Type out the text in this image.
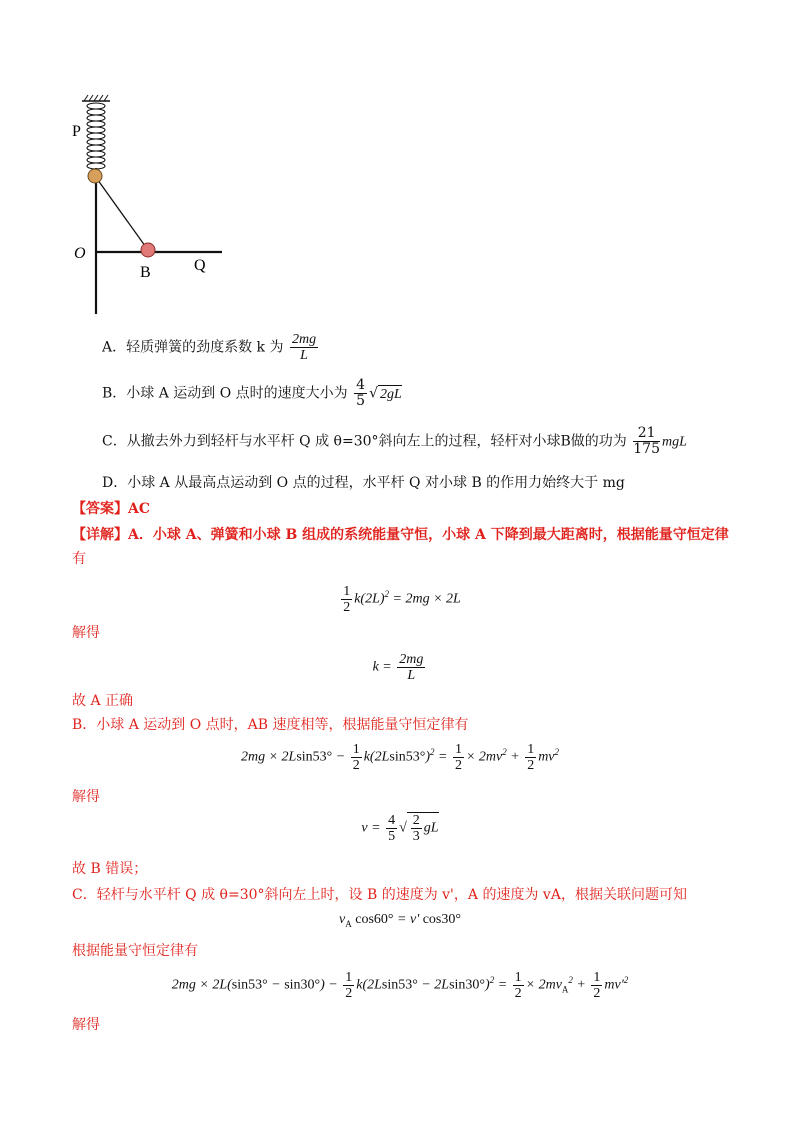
P
O
B	Q
A．轻质弹簧的劲度系数 k 为 $\frac{2mg}{L}$
B．小球 A 运动到 O 点时的速度大小为 $\frac{4}{5}$ √ 2gL
C．从撤去外力到轻杆与水平杆 Q 成 θ=30°斜向左上的过程，轻杆对小球B做的功为 $\frac{21}{175}$ mgL
D．小球 A 从最高点运动到 O 点的过程，水平杆 Q 对小球 B 的作用力始终大于 mg
【答案】AC
【详解】A．小球 A、弹簧和小球 B 组成的系统能量守恒，小球 A 下降到最大距离时，根据能量守恒定律
有
$\frac{1}{2} k(2L)^2 = 2mg \times 2L$
解得
$k = \frac{2mg}{L}$
故 A 正确
B．小球 A 运动到 O 点时，AB 速度相等，根据能量守恒定律有
$2mg \times 2Lsin53^\circ - \frac{1}{2} k(2Lsin53^\circ)^2 = \frac{1}{2} \times 2mv^2 + \frac{1}{2} mv^2$
解得
$v = \frac{4}{5}$ √ $\frac{2}{3}$ gL
故 B 错误；
C．轻杆与水平杆 Q 成 θ=30°斜向左上时，设 B 的速度为 v'，A 的速度为 vA，根据关联问题可知
$v_A$ cos60° = v' cos30°
根据能量守恒定律有
$2mg \times 2L(\sin 53^\circ - \sin 30^\circ) - \frac{1}{2} k(2Lsin53^\circ - 2Lsin30^\circ)^2 = \frac{1}{2} \times 2mv_A^2 + \frac{1}{2} mv'^2$
解得
